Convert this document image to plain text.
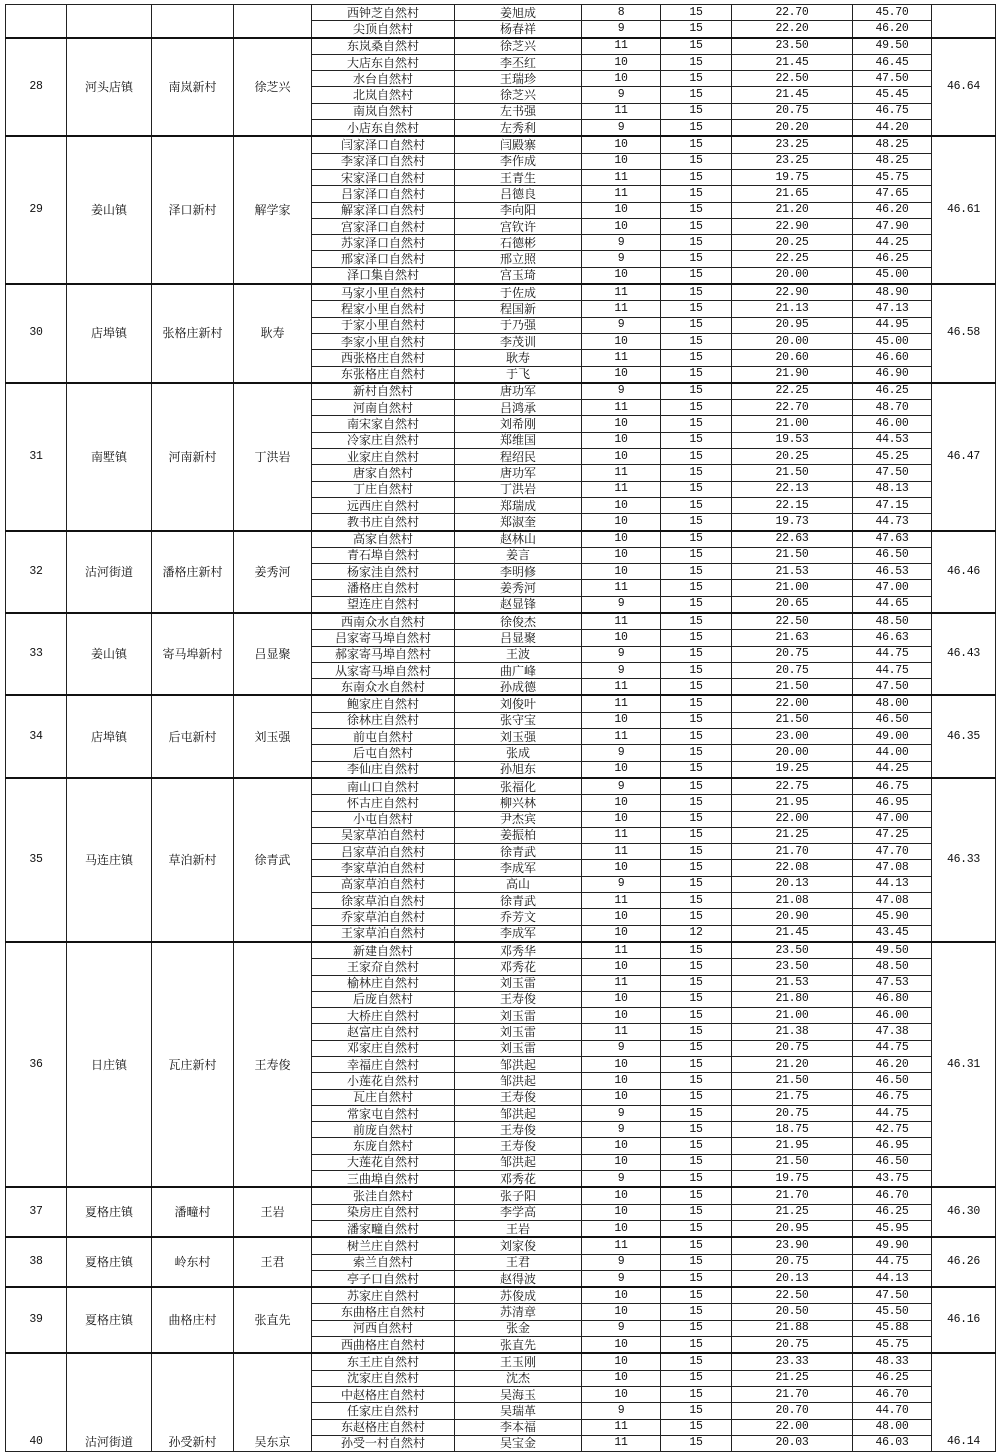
				西钟芝自然村	姜旭成	8	15	22.70	45.70	
				尖顶自然村	杨春祥	9	15	22.20	46.20	
28	河头店镇	南岚新村	徐芝兴	东岚桑自然村	徐芝兴	11	15	23.50	49.50	46.64
				大店东自然村	李丕红	10	15	21.45	46.45	
				水台自然村	王瑞珍	10	15	22.50	47.50	
				北岚自然村	徐芝兴	9	15	21.45	45.45	
				南岚自然村	左书强	11	15	20.75	46.75	
				小店东自然村	左秀利	9	15	20.20	44.20	
29	姜山镇	泽口新村	解学家	闫家泽口自然村	闫殿寨	10	15	23.25	48.25	46.61
				李家泽口自然村	李作成	10	15	23.25	48.25	
				宋家泽口自然村	王青生	11	15	19.75	45.75	
				吕家泽口自然村	吕德良	11	15	21.65	47.65	
				解家泽口自然村	李向阳	10	15	21.20	46.20	
				宫家泽口自然村	宫钦许	10	15	22.90	47.90	
				苏家泽口自然村	石德彬	9	15	20.25	44.25	
				邢家泽口自然村	邢立照	9	15	22.25	46.25	
				泽口集自然村	宫玉琦	10	15	20.00	45.00	
30	店埠镇	张格庄新村	耿寿	马家小里自然村	于佐成	11	15	22.90	48.90	46.58
				程家小里自然村	程国新	11	15	21.13	47.13	
				于家小里自然村	于乃强	9	15	20.95	44.95	
				李家小里自然村	李茂训	10	15	20.00	45.00	
				西张格庄自然村	耿寿	11	15	20.60	46.60	
				东张格庄自然村	于飞	10	15	21.90	46.90	
31	南墅镇	河南新村	丁洪岩	新村自然村	唐功军	9	15	22.25	46.25	46.47
				河南自然村	吕鸿承	11	15	22.70	48.70	
				南宋家自然村	刘希刚	10	15	21.00	46.00	
				冷家庄自然村	郑维国	10	15	19.53	44.53	
				业家庄自然村	程绍民	10	15	20.25	45.25	
				唐家自然村	唐功军	11	15	21.50	47.50	
				丁庄自然村	丁洪岩	11	15	22.13	48.13	
				远西庄自然村	郑瑞成	10	15	22.15	47.15	
				教书庄自然村	郑淑奎	10	15	19.73	44.73	
32	沽河街道	潘格庄新村	姜秀河	高家自然村	赵林山	10	15	22.63	47.63	46.46
				青石埠自然村	姜言	10	15	21.50	46.50	
				杨家洼自然村	李明修	10	15	21.53	46.53	
				潘格庄自然村	姜秀河	11	15	21.00	47.00	
				望连庄自然村	赵显锋	9	15	20.65	44.65	
33	姜山镇	寄马埠新村	吕显聚	西南众水自然村	徐俊杰	11	15	22.50	48.50	46.43
				吕家寄马埠自然村	吕显聚	10	15	21.63	46.63	
				郝家寄马埠自然村	王波	9	15	20.75	44.75	
				从家寄马埠自然村	曲广峰	9	15	20.75	44.75	
				东南众水自然村	孙成德	11	15	21.50	47.50	
34	店埠镇	后屯新村	刘玉强	鲍家庄自然村	刘俊叶	11	15	22.00	48.00	46.35
				徐林庄自然村	张守宝	10	15	21.50	46.50	
				前屯自然村	刘玉强	11	15	23.00	49.00	
				后屯自然村	张成	9	15	20.00	44.00	
				李仙庄自然村	孙旭东	10	15	19.25	44.25	
35	马连庄镇	草泊新村	徐青武	南山口自然村	张福化	9	15	22.75	46.75	46.33
				怀古庄自然村	柳兴林	10	15	21.95	46.95	
				小屯自然村	尹杰宾	10	15	22.00	47.00	
				吴家草泊自然村	姜振柏	11	15	21.25	47.25	
				吕家草泊自然村	徐青武	11	15	21.70	47.70	
				李家草泊自然村	李成军	10	15	22.08	47.08	
				高家草泊自然村	高山	9	15	20.13	44.13	
				徐家草泊自然村	徐青武	11	15	21.08	47.08	
				乔家草泊自然村	乔芳文	10	15	20.90	45.90	
				王家草泊自然村	李成军	10	12	21.45	43.45	
36	日庄镇	瓦庄新村	王寿俊	新建自然村	邓秀华	11	15	23.50	49.50	46.31
				王家夼自然村	邓秀花	10	15	23.50	48.50	
				榆林庄自然村	刘玉雷	11	15	21.53	47.53	
				后庞自然村	王寿俊	10	15	21.80	46.80	
				大桥庄自然村	刘玉雷	10	15	21.00	46.00	
				赵富庄自然村	刘玉雷	11	15	21.38	47.38	
				邓家庄自然村	刘玉雷	9	15	20.75	44.75	
				幸福庄自然村	邹洪起	10	15	21.20	46.20	
				小莲花自然村	邹洪起	10	15	21.50	46.50	
				瓦庄自然村	王寿俊	10	15	21.75	46.75	
				常家屯自然村	邹洪起	9	15	20.75	44.75	
				前庞自然村	王寿俊	9	15	18.75	42.75	
				东庞自然村	王寿俊	10	15	21.95	46.95	
				大莲花自然村	邹洪起	10	15	21.50	46.50	
				三曲埠自然村	邓秀花	9	15	19.75	43.75	
37	夏格庄镇	潘疃村	王岩	张洼自然村	张子阳	10	15	21.70	46.70	46.30
				染房庄自然村	李学高	10	15	21.25	46.25	
				潘家疃自然村	王岩	10	15	20.95	45.95	
38	夏格庄镇	岭东村	王君	树兰庄自然村	刘家俊	11	15	23.90	49.90	46.26
				索兰自然村	王君	9	15	20.75	44.75	
				亭子口自然村	赵得波	9	15	20.13	44.13	
39	夏格庄镇	曲格庄村	张直先	苏家庄自然村	苏俊成	10	15	22.50	47.50	46.16
				东曲格庄自然村	苏清章	10	15	20.50	45.50	
				河西自然村	张金	9	15	21.88	45.88	
				西曲格庄自然村	张直先	10	15	20.75	45.75	
40	沽河街道	孙受新村	吴东京	东王庄自然村	王玉刚	10	15	23.33	48.33	46.14
				沈家庄自然村	沈杰	10	15	21.25	46.25	
				中赵格庄自然村	吴海玉	10	15	21.70	46.70	
				任家庄自然村	吴瑞革	9	15	20.70	44.70	
				东赵格庄自然村	李本福	11	15	22.00	48.00	
				孙受一村自然村	吴宝金	11	15	20.03	46.03	
